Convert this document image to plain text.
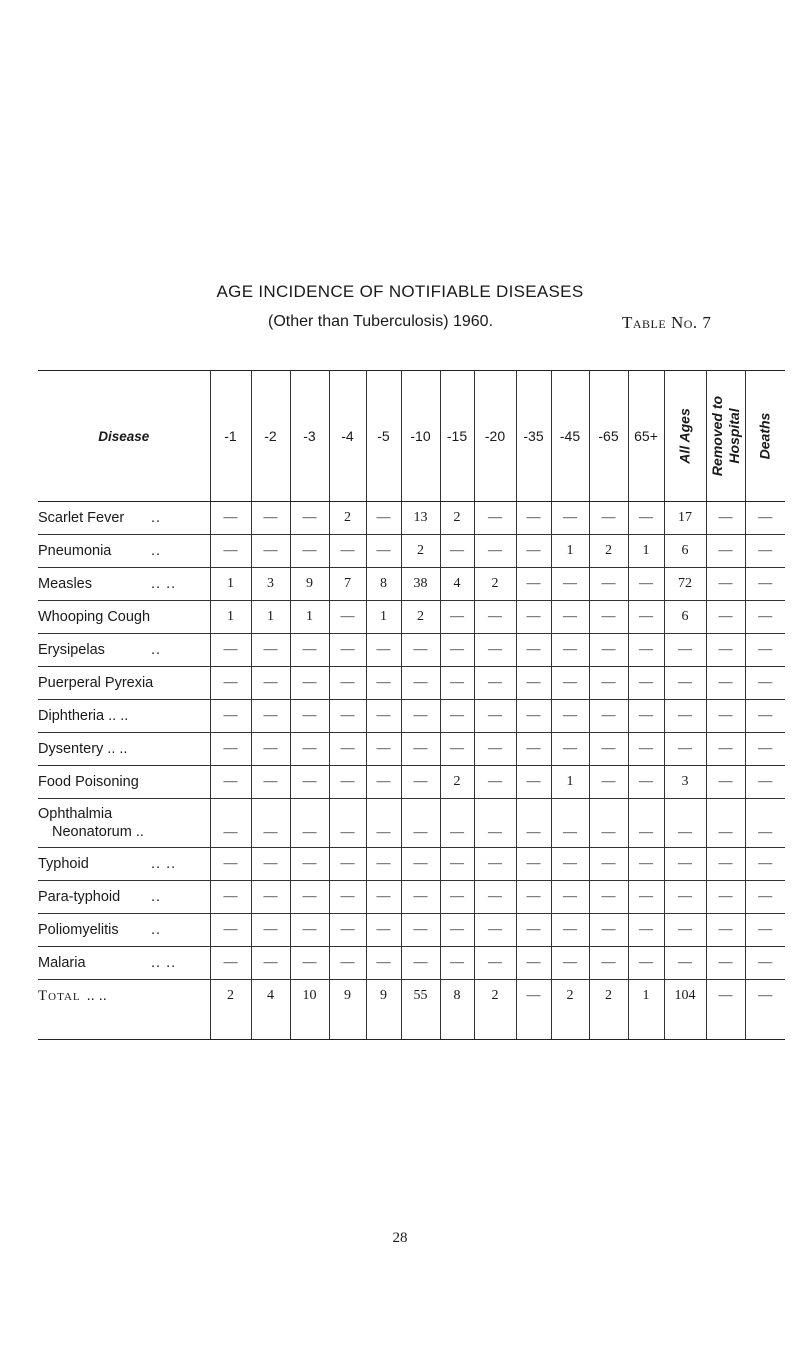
AGE INCIDENCE OF NOTIFIABLE DISEASES
(Other than Tuberculosis) 1960.	Table No. 7
Disease	-1	-2	-3	-4	-5	-10	-15	-20	-35	-45	-65	65+	All Ages	Removed to Hospital	Deaths

Scarlet Fever ..	—	—	—	2	—	13	2	—	—	—	—	—	17	—	—
Pneumonia ..	—	—	—	—	—	2	—	—	—	1	2	1	6	—	—
Measles .. ..	1	3	9	7	8	38	4	2	—	—	—	—	72	—	—
Whooping Cough	1	1	1	—	1	2	—	—	—	—	—	—	6	—	—
Erysipelas ..	—	—	—	—	—	—	—	—	—	—	—	—	—	—	—
Puerperal Pyrexia	—	—	—	—	—	—	—	—	—	—	—	—	—	—	—
Diphtheria .. ..	—	—	—	—	—	—	—	—	—	—	—	—	—	—	—
Dysentery .. ..	—	—	—	—	—	—	—	—	—	—	—	—	—	—	—
Food Poisoning	—	—	—	—	—	—	2	—	—	1	—	—	3	—	—
Ophthalmia
Neonatorum ..	—	—	—	—	—	—	—	—	—	—	—	—	—	—	—
Typhoid .. ..	—	—	—	—	—	—	—	—	—	—	—	—	—	—	—
Para-typhoid ..	—	—	—	—	—	—	—	—	—	—	—	—	—	—	—
Poliomyelitis ..	—	—	—	—	—	—	—	—	—	—	—	—	—	—	—
Malaria .. ..	—	—	—	—	—	—	—	—	—	—	—	—	—	—	—
Total .. ..	2	4	10	9	9	55	8	2	—	2	2	1	104	—	—
28
